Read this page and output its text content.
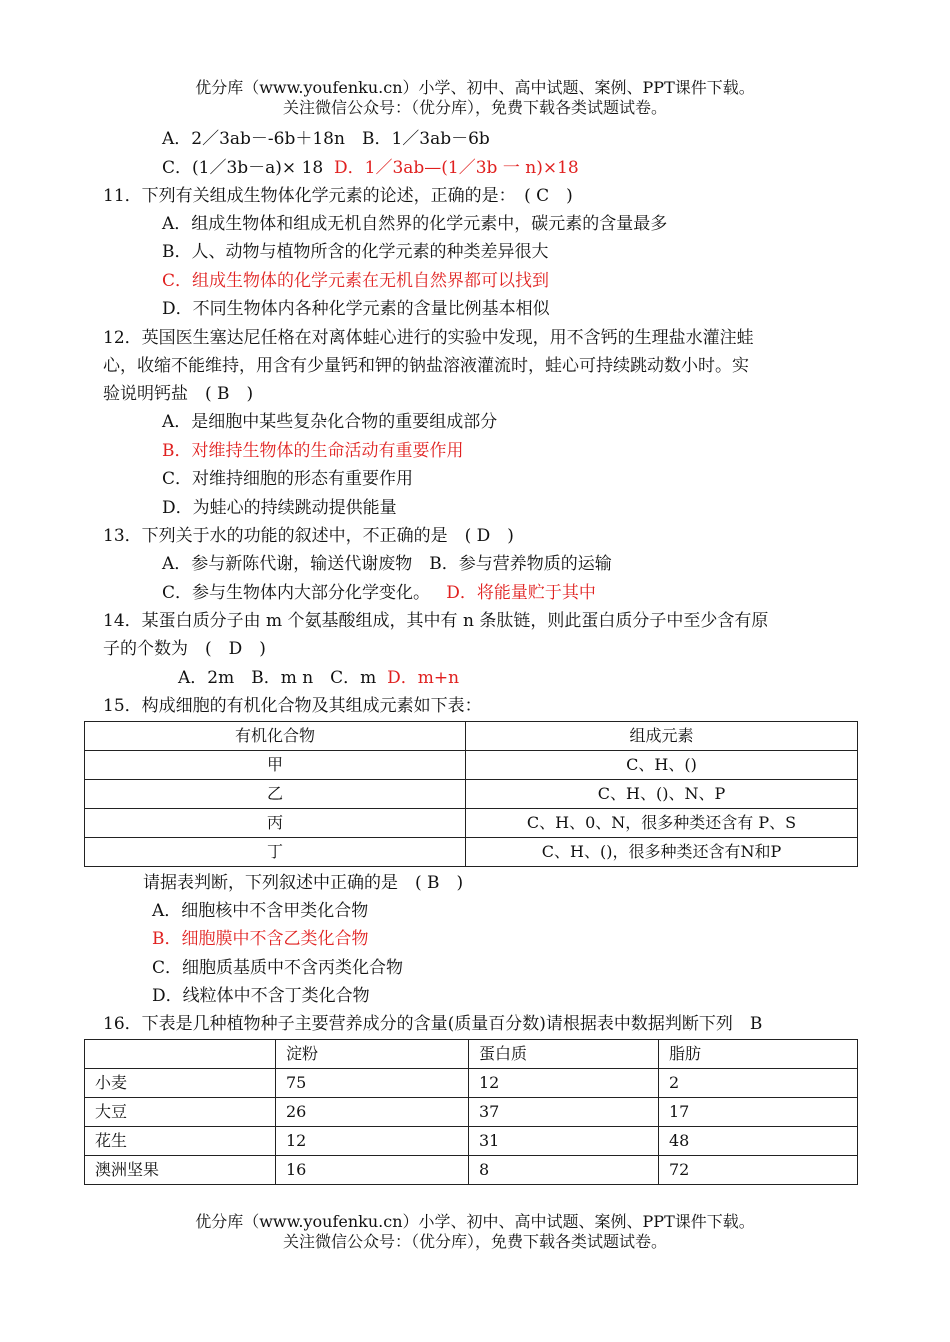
优分库（www.youfenku.cn）小学、初中、高中试题、案例、PPT课件下载。
关注微信公众号：（优分库），免费下载各类试题试卷。
A．2／3ab－-6b＋18n　B．1／3ab－6b
C．(1／3b－a)× 18 D．1／3ab—(1／3b 一 n)×18
11．下列有关组成生物体化学元素的论述，正确的是：　( C　)
A．组成生物体和组成无机自然界的化学元素中，碳元素的含量最多
B．人、动物与植物所含的化学元素的种类差异很大
C．组成生物体的化学元素在无机自然界都可以找到
D．不同生物体内各种化学元素的含量比例基本相似
12．英国医生塞达尼任格在对离体蛙心进行的实验中发现，用不含钙的生理盐水灌注蛙
心，收缩不能维持，用含有少量钙和钾的钠盐溶液灌流时，蛙心可持续跳动数小时。实
验说明钙盐　( B　)
A．是细胞中某些复杂化合物的重要组成部分
B．对维持生物体的生命活动有重要作用
C．对维持细胞的形态有重要作用
D．为蛙心的持续跳动提供能量
13．下列关于水的功能的叙述中，不正确的是　( D　)
A．参与新陈代谢，输送代谢废物　B．参与营养物质的运输
C．参与生物体内大部分化学变化。 D．将能量贮于其中
14．某蛋白质分子由 m 个氨基酸组成，其中有 n 条肽链，则此蛋白质分子中至少含有原
子的个数为　(　D　)
A．2m　B．m n　C．m D．m+n
15．构成细胞的有机化合物及其组成元素如下表：
有机化合物	组成元素
甲	C、H、()
乙	C、H、()、N、P
丙	C、H、0、N，很多种类还含有 P、S
丁	C、H、()，很多种类还含有N和P
请据表判断，下列叙述中正确的是　( B　)
A．细胞核中不含甲类化合物
B．细胞膜中不含乙类化合物
C．细胞质基质中不含丙类化合物
D．线粒体中不含丁类化合物
16．下表是几种植物种子主要营养成分的含量(质量百分数)请根据表中数据判断下列　B
	淀粉	蛋白质	脂肪
小麦	75	12	2
大豆	26	37	17
花生	12	31	48
澳洲坚果	16	8	72
优分库（www.youfenku.cn）小学、初中、高中试题、案例、PPT课件下载。
关注微信公众号：（优分库），免费下载各类试题试卷。
